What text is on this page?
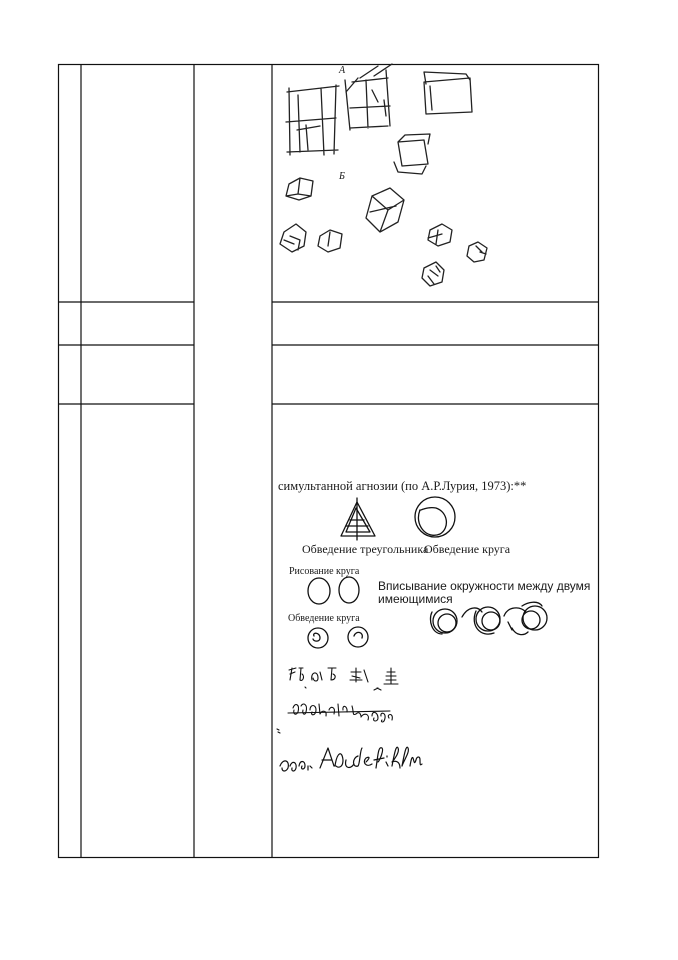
А
Б
симультанной агнозии (по А.Р.Лурия, 1973):**
Обведение треугольника
Обведение круга
Рисование круга
Обведение круга
Вписывание окружности между двумя
имеющимися
